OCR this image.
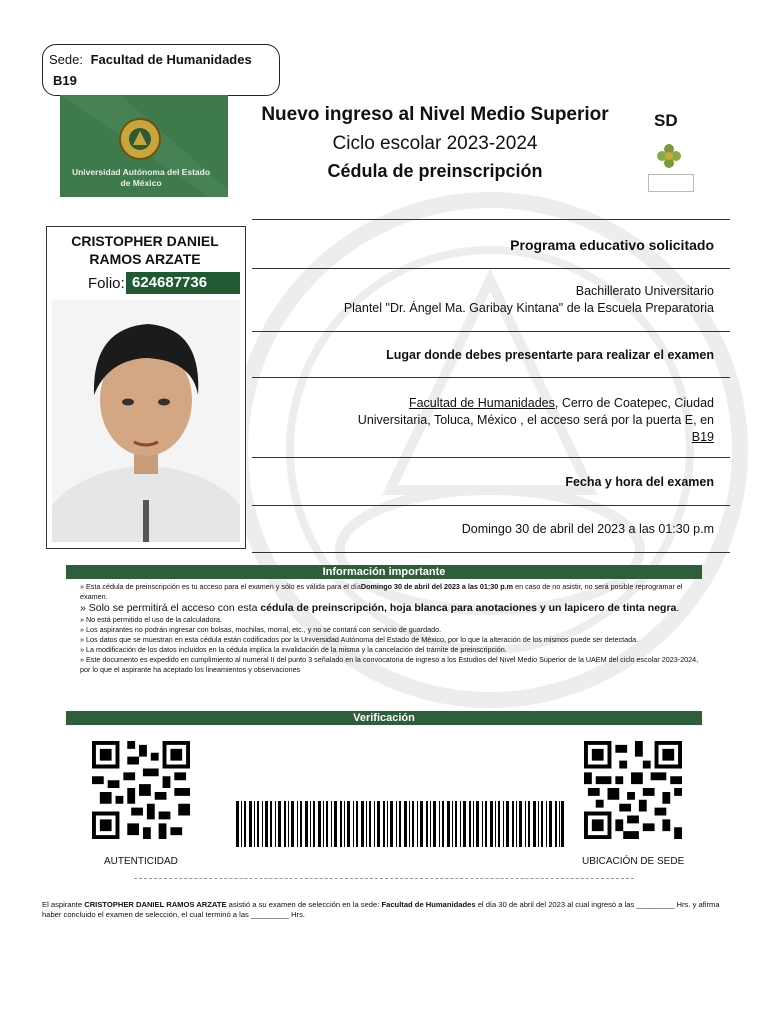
Sede: Facultad de Humanidades
B19
Universidad Autónoma del Estado de México
Nuevo ingreso al Nivel Medio Superior
Ciclo escolar 2023-2024
Cédula de preinscripción
SD
CRISTOPHER DANIEL RAMOS ARZATE
Folio: 624687736
Programa educativo solicitado
Bachillerato Universitario
Plantel "Dr. Ángel Ma. Garibay Kintana" de la Escuela Preparatoria
Lugar donde debes presentarte para realizar el examen
Facultad de Humanidades, Cerro de Coatepec, Ciudad
Universitaria, Toluca, México , el acceso será por la puerta E, en
B19
Fecha y hora del examen
Domingo 30 de abril del 2023 a las 01:30 p.m
Información importante

» Esta cédula de preinscripción es tu acceso para el examen y sólo es válida para el díaDomingo 30 de abril del 2023 a las 01:30 p.m en caso de no asistir, no será posible reprogramar el examen.

» Solo se permitirá el acceso con esta cédula de preinscripción, hoja blanca para anotaciones y un lapicero de tinta negra.

» No está permitido el uso de la calculadora.

» Los aspirantes no podrán ingresar con bolsas, mochilas, morral, etc., y no se contará con servicio de guardado.

» Los datos que se muestran en esta cédula están codificados por la Universidad Autónoma del Estado de México, por lo que la alteración de los mismos puede ser detectada.

» La modificación de los datos incluidos en la cédula implica la invalidación de la misma y la cancelación del trámite de preinscripción.

» Este documento es expedido en cumplimiento al numeral II del punto 3 señalado en la convocatoria de ingreso a los Estudios del Nivel Medio Superior de la UAEM del ciclo escolar 2023-2024, por lo que el aspirante ha aceptado los lineamientos y observaciones

Verificación
AUTENTICIDAD	UBICACIÓN DE SEDE
El aspirante CRISTOPHER DANIEL RAMOS ARZATE asistió a su examen de selección en la sede: Facultad de Humanidades el día 30 de abril del 2023 al cual ingresó a las _________ Hrs. y afirma haber concluido el examen de selección, el cual terminó a las _________ Hrs.
